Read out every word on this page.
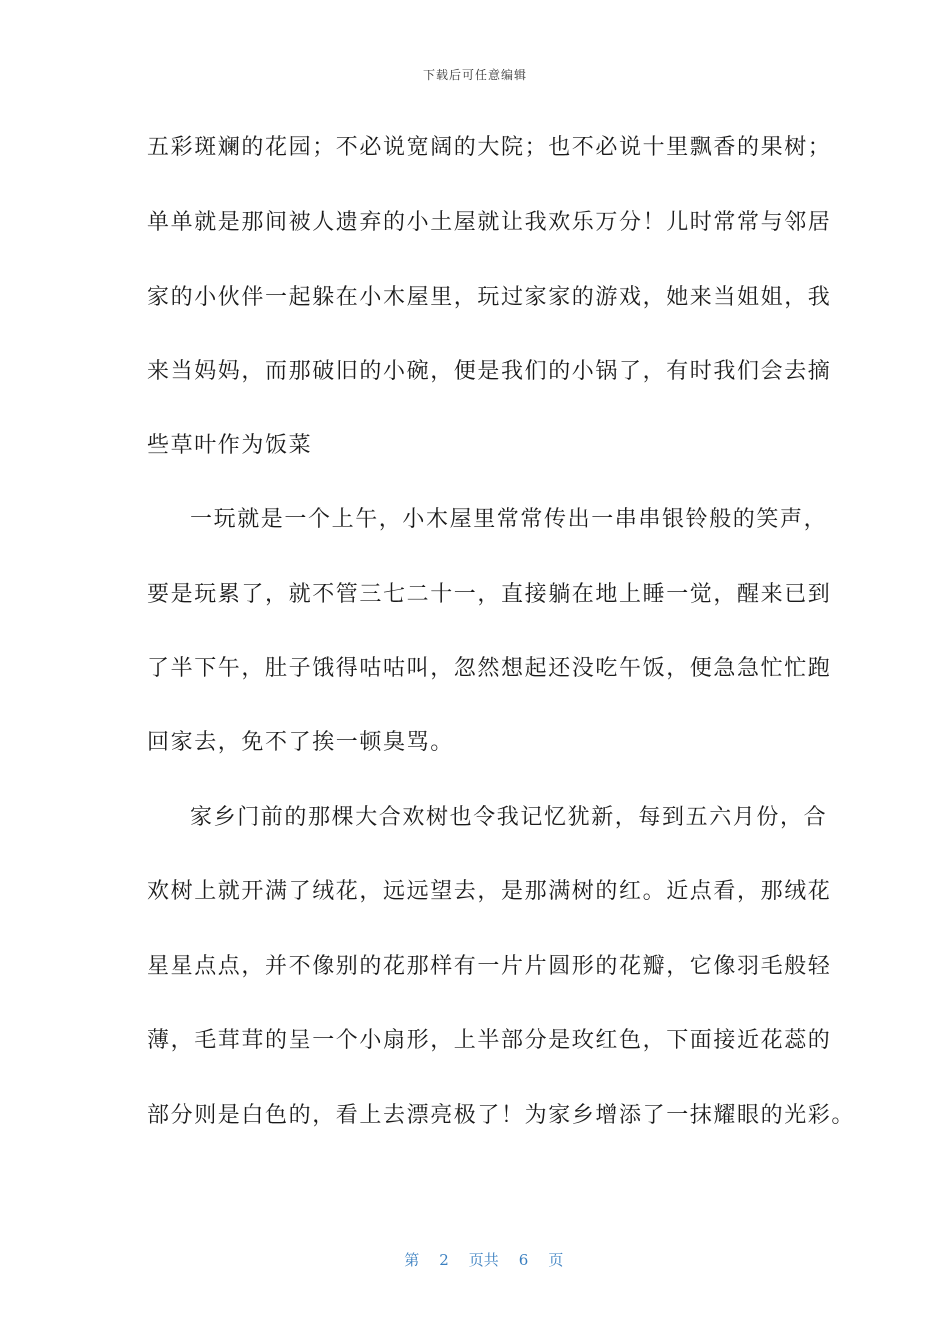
下载后可任意编辑
五彩斑斓的花园；不必说宽阔的大院；也不必说十里飘香的果树；
单单就是那间被人遗弃的小土屋就让我欢乐万分！儿时常常与邻居
家的小伙伴一起躲在小木屋里，玩过家家的游戏，她来当姐姐，我
来当妈妈，而那破旧的小碗，便是我们的小锅了，有时我们会去摘
些草叶作为饭菜
一玩就是一个上午，小木屋里常常传出一串串银铃般的笑声，
要是玩累了，就不管三七二十一，直接躺在地上睡一觉，醒来已到
了半下午，肚子饿得咕咕叫，忽然想起还没吃午饭，便急急忙忙跑
回家去，免不了挨一顿臭骂。
家乡门前的那棵大合欢树也令我记忆犹新，每到五六月份，合
欢树上就开满了绒花，远远望去，是那满树的红。近点看，那绒花
星星点点，并不像别的花那样有一片片圆形的花瓣，它像羽毛般轻
薄，毛茸茸的呈一个小扇形，上半部分是玫红色，下面接近花蕊的
部分则是白色的，看上去漂亮极了！为家乡增添了一抹耀眼的光彩。

第 2 页共 6 页
